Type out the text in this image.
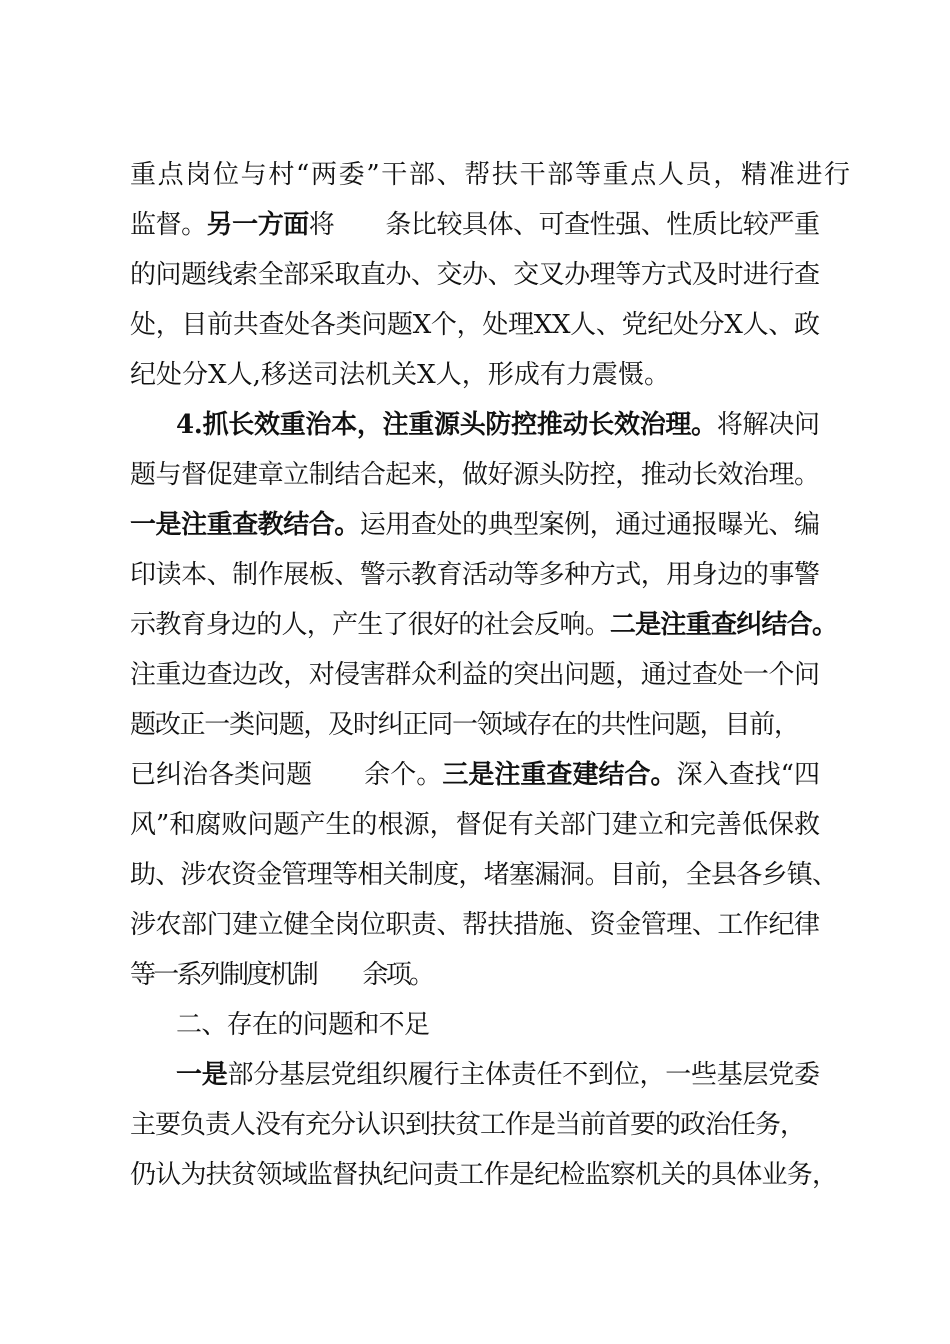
重点岗位与村“两委”干部、帮扶干部等重点人员，精准进行
监督。另一方面将　　条比较具体、可查性强、性质比较严重
的问题线索全部采取直办、交办、交叉办理等方式及时进行查
处，目前共查处各类问题X个，处理XX人、党纪处分X人、政
纪处分X人,移送司法机关X人，形成有力震慑。
4.抓长效重治本，注重源头防控推动长效治理。将解决问
题与督促建章立制结合起来，做好源头防控，推动长效治理。
一是注重查教结合。运用查处的典型案例，通过通报曝光、编
印读本、制作展板、警示教育活动等多种方式，用身边的事警
示教育身边的人，产生了很好的社会反响。二是注重查纠结合。
注重边查边改，对侵害群众利益的突出问题，通过查处一个问
题改正一类问题，及时纠正同一领域存在的共性问题，目前，
已纠治各类问题　　余个。三是注重查建结合。深入查找“四
风”和腐败问题产生的根源，督促有关部门建立和完善低保救
助、涉农资金管理等相关制度，堵塞漏洞。目前，全县各乡镇、
涉农部门建立健全岗位职责、帮扶措施、资金管理、工作纪律
等一系列制度机制　　余项。
二、存在的问题和不足
一是部分基层党组织履行主体责任不到位，一些基层党委
主要负责人没有充分认识到扶贫工作是当前首要的政治任务，
仍认为扶贫领域监督执纪问责工作是纪检监察机关的具体业务，
